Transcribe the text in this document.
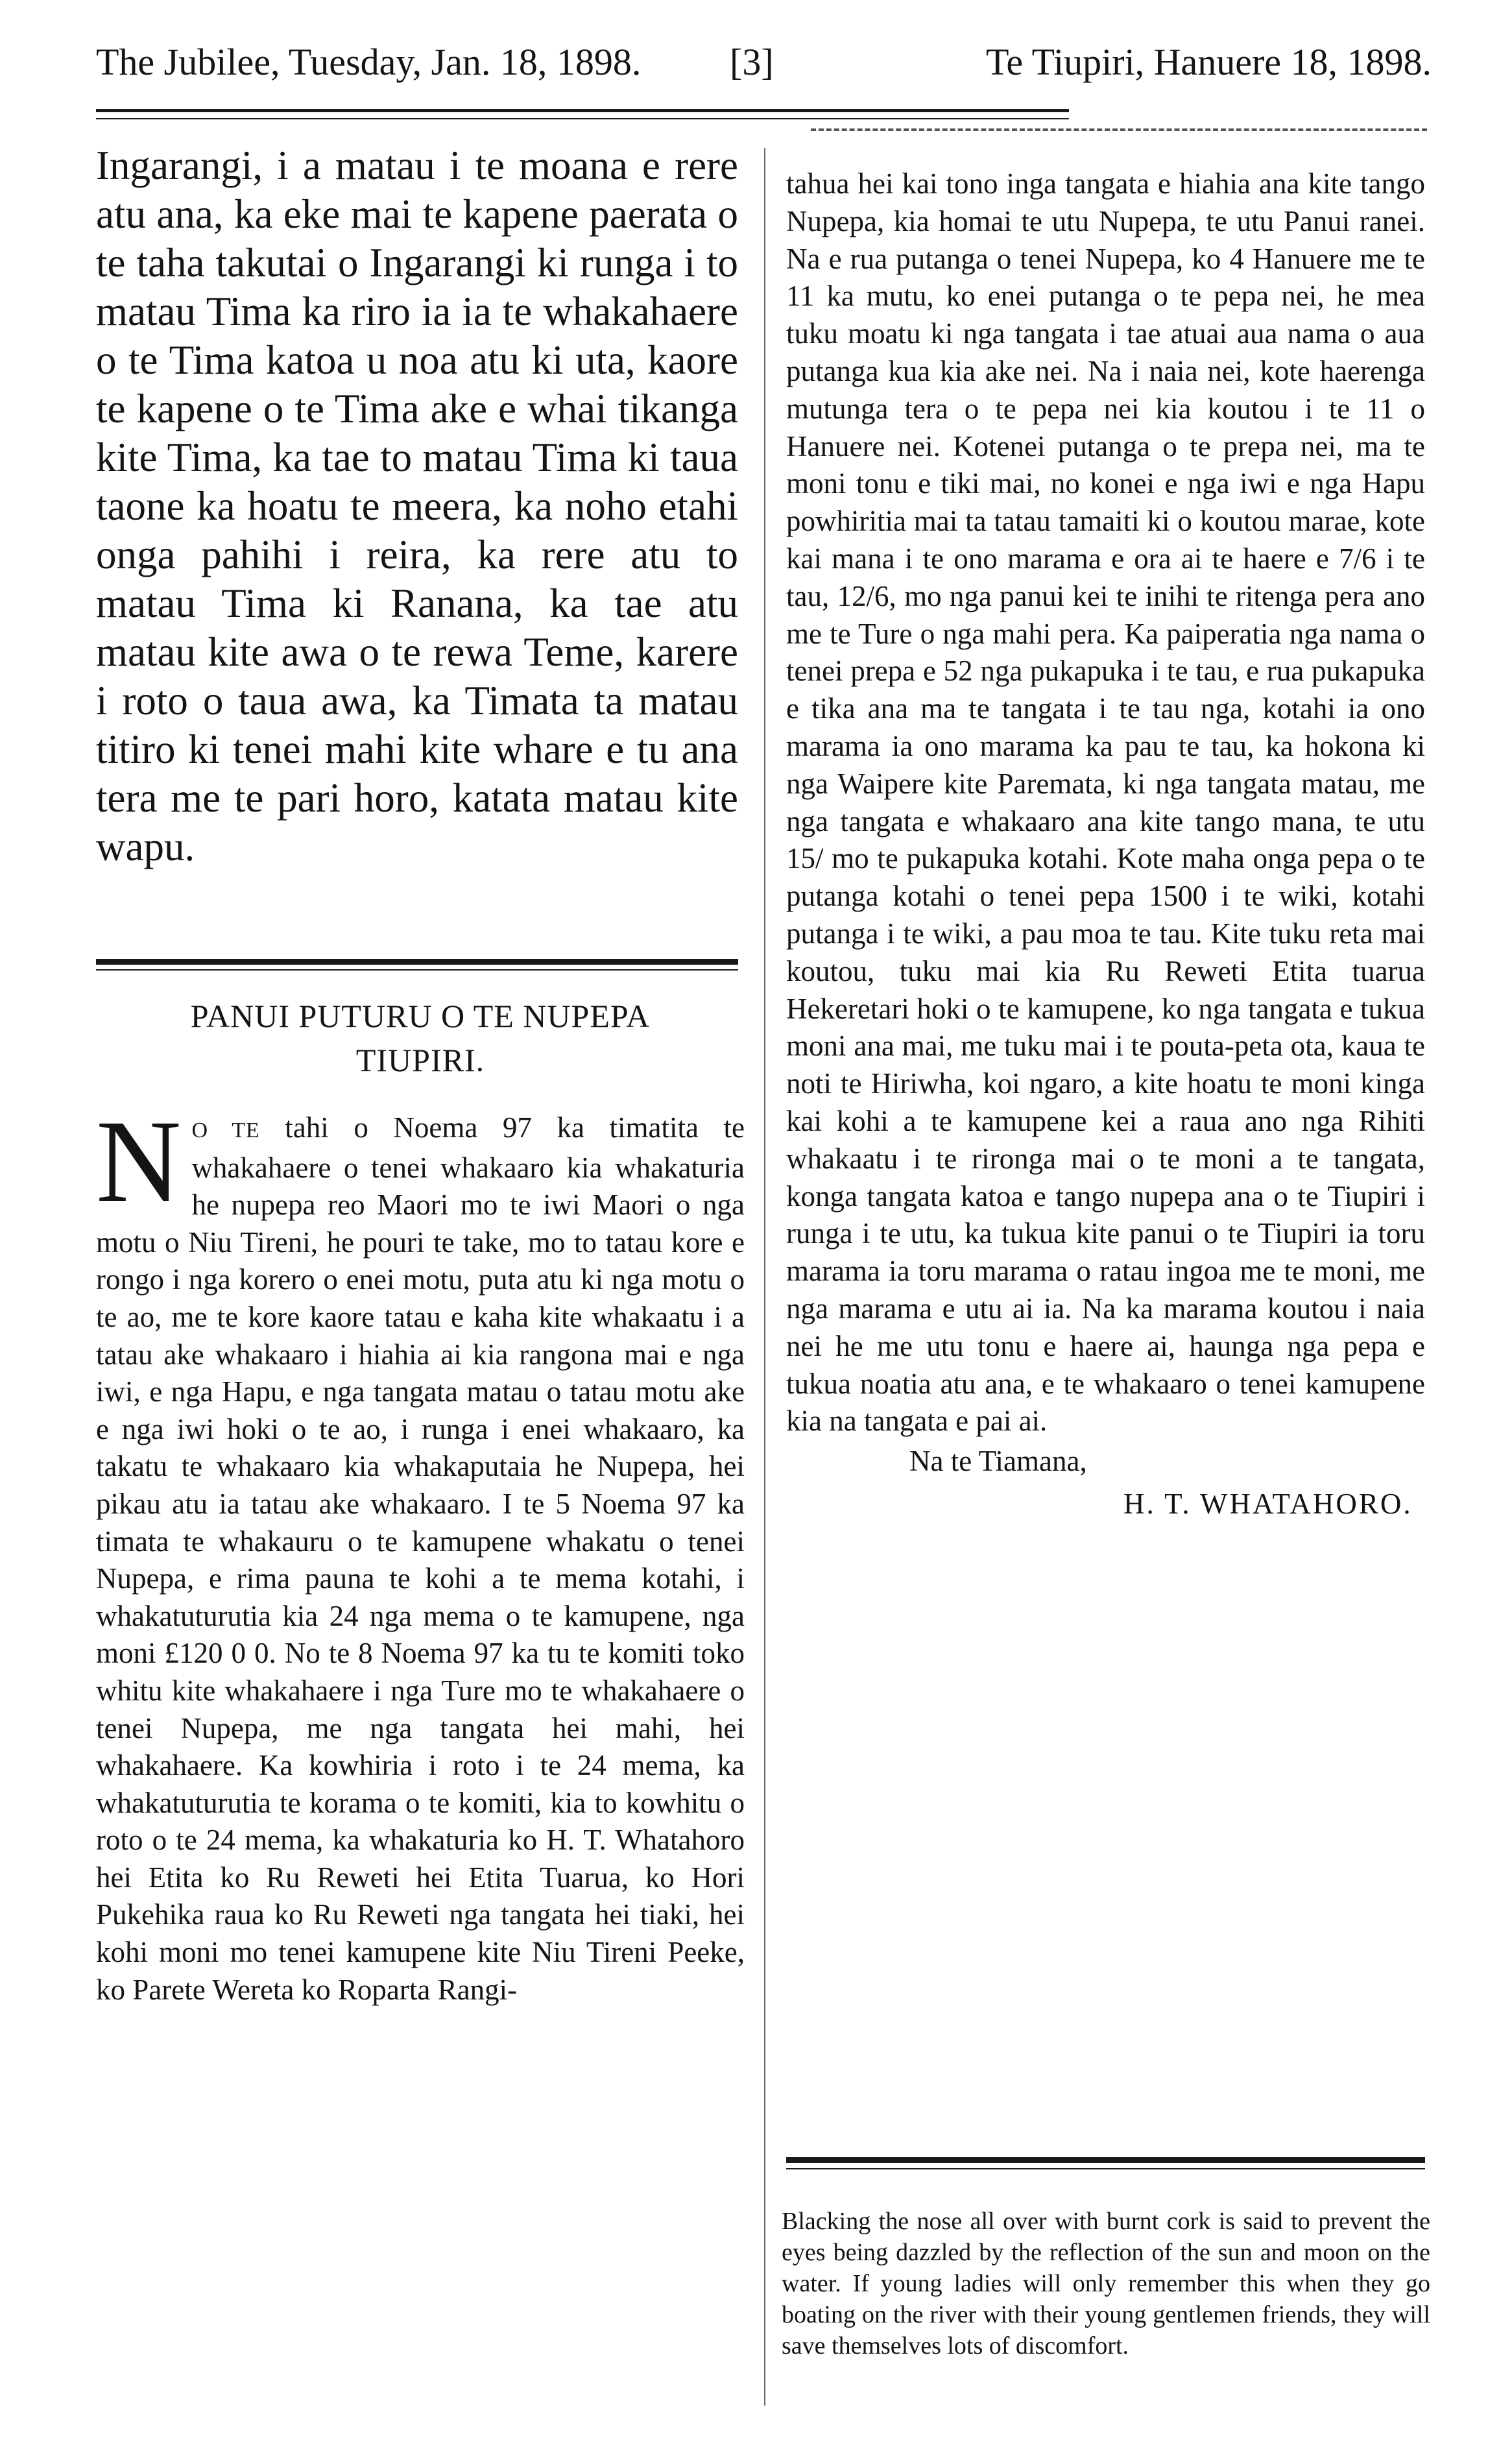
The Jubilee, Tuesday, Jan. 18, 1898. [3]	Te Tiupiri, Hanuere 18, 1898.

Ingarangi, i a matau i te moana e rere atu ana, ka eke mai te kapene paerata o te taha takutai o Ingarangi ki runga i to matau Tima ka riro ia ia te whakahaere o te Tima katoa u noa atu ki uta, kaore te kapene o te Tima ake e whai tikanga kite Tima, ka tae to matau Tima ki taua taone ka hoatu te meera, ka noho etahi onga pahihi i reira, ka rere atu to matau Tima ki Ranana, ka tae atu matau kite awa o te rewa Teme, karere i roto o taua awa, ka Timata ta matau titiro ki tenei mahi kite whare e tu ana tera me te pari horo, katata matau kite wapu.

PANUI PUTURU O TE NUPEPA
TIUPIRI.
N O TE tahi o Noema 97 ka timatita te whakahaere o tenei whakaaro kia whakaturia he nupepa reo Maori mo te iwi Maori o nga motu o Niu Tireni, he pouri te take, mo to tatau kore e rongo i nga korero o enei motu, puta atu ki nga motu o te ao, me te kore kaore tatau e kaha kite whakaatu i a tatau ake whakaaro i hiahia ai kia rangona mai e nga iwi, e nga Hapu, e nga tangata matau o tatau motu ake e nga iwi hoki o te ao, i runga i enei whakaaro, ka takatu te whakaaro kia whakaputaia he Nupepa, hei pikau atu ia tatau ake whakaaro. I te 5 Noema 97 ka timata te whakauru o te kamupene whakatu o tenei Nupepa, e rima pauna te kohi a te mema kotahi, i whakatuturutia kia 24 nga mema o te kamupene, nga moni £120 0 0. No te 8 Noema 97 ka tu te komiti toko whitu kite whakahaere i nga Ture mo te whakahaere o tenei Nupepa, me nga tangata hei mahi, hei whakahaere. Ka kowhiria i roto i te 24 mema, ka whakatuturutia te korama o te komiti, kia to kowhitu o roto o te 24 mema, ka whakaturia ko H. T. Whatahoro hei Etita ko Ru Reweti hei Etita Tuarua, ko Hori Pukehika raua ko Ru Reweti nga tangata hei tiaki, hei kohi moni mo tenei kamupene kite Niu Tireni Peeke, ko Parete Wereta ko Roparta Rangi-

tahua hei kai tono inga tangata e hiahia ana kite tango Nupepa, kia homai te utu Nupepa, te utu Panui ranei. Na e rua putanga o tenei Nupepa, ko 4 Hanuere me te 11 ka mutu, ko enei putanga o te pepa nei, he mea tuku moatu ki nga tangata i tae atuai aua nama o aua putanga kua kia ake nei. Na i naia nei, kote haerenga mutunga tera o te pepa nei kia koutou i te 11 o Hanuere nei. Kotenei putanga o te prepa nei, ma te moni tonu e tiki mai, no konei e nga iwi e nga Hapu powhiritia mai ta tatau tamaiti ki o koutou marae, kote kai mana i te ono marama e ora ai te haere e 7/6 i te tau, 12/6, mo nga panui kei te inihi te ritenga pera ano me te Ture o nga mahi pera. Ka paiperatia nga nama o tenei prepa e 52 nga pukapuka i te tau, e rua pukapuka e tika ana ma te tangata i te tau nga, kotahi ia ono marama ia ono marama ka pau te tau, ka hokona ki nga Waipere kite Paremata, ki nga tangata matau, me nga tangata e whakaaro ana kite tango mana, te utu 15/ mo te pukapuka kotahi. Kote maha onga pepa o te putanga kotahi o tenei pepa 1500 i te wiki, kotahi putanga i te wiki, a pau moa te tau. Kite tuku reta mai koutou, tuku mai kia Ru Reweti Etita tuarua Hekeretari hoki o te kamupene, ko nga tangata e tukua moni ana mai, me tuku mai i te pouta-peta ota, kaua te noti te Hiriwha, koi ngaro, a kite hoatu te moni kinga kai kohi a te kamupene kei a raua ano nga Rihiti whakaatu i te rironga mai o te moni a te tangata, konga tangata katoa e tango nupepa ana o te Tiupiri i runga i te utu, ka tukua kite panui o te Tiupiri ia toru marama ia toru marama o ratau ingoa me te moni, me nga marama e utu ai ia. Na ka marama koutou i naia nei he me utu tonu e haere ai, haunga nga pepa e tukua noatia atu ana, e te whakaaro o tenei kamupene kia na tangata e pai ai.

Na te Tiamana,

H. T. WHATAHORO.

Blacking the nose all over with burnt cork is said to prevent the eyes being dazzled by the reflection of the sun and moon on the water. If young ladies will only remember this when they go boating on the river with their young gentlemen friends, they will save themselves lots of discomfort.
